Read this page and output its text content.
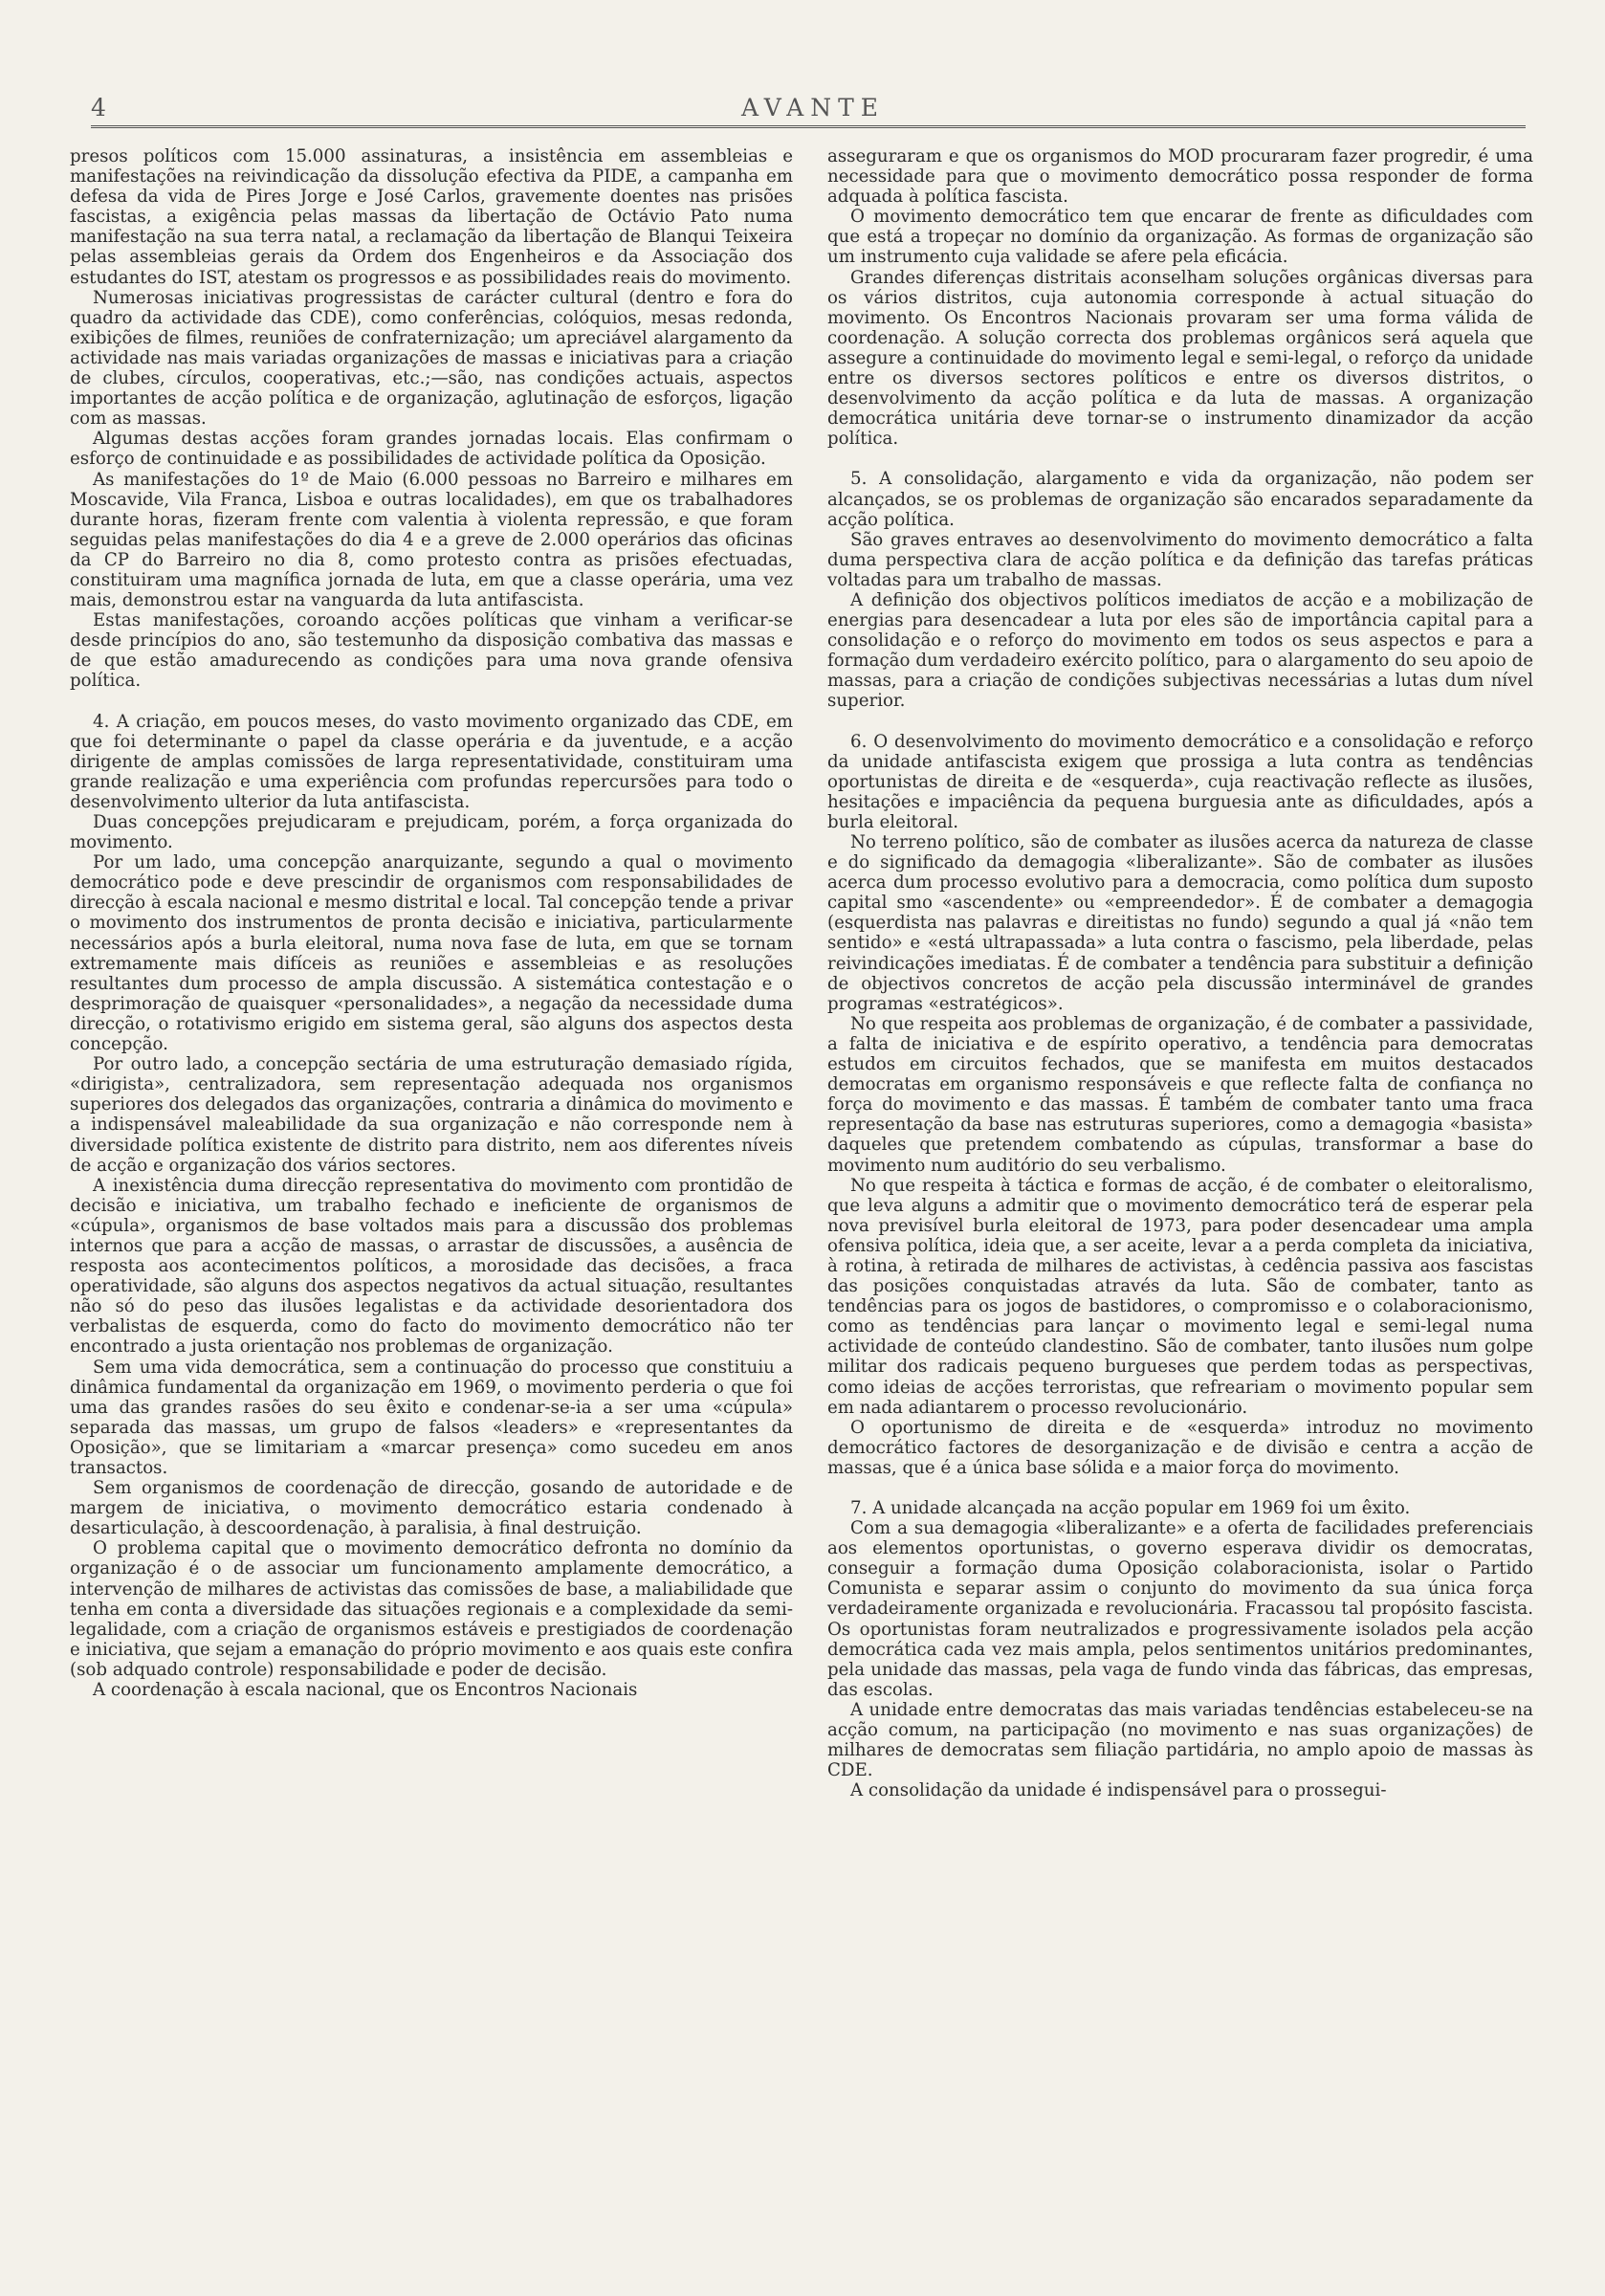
4	AVANTE

presos políticos com 15.000 assinaturas, a insistência em assembleias e manifestações na reivindicação da dissolução efectiva da PIDE, a campanha em defesa da vida de Pires Jorge e José Carlos, gravemente doentes nas prisões fascistas, a exigência pelas massas da libertação de Octávio Pato numa manifestação na sua terra natal, a reclamação da libertação de Blanqui Teixeira pelas assembleias gerais da Ordem dos Engenheiros e da Associação dos estudantes do IST, atestam os progressos e as possibilidades reais do movimento.

Numerosas iniciativas progressistas de carácter cultural (dentro e fora do quadro da actividade das CDE), como conferências, colóquios, mesas redonda, exibições de filmes, reuniões de confraternização; um apreciável alargamento da actividade nas mais variadas organizações de massas e iniciativas para a criação de clubes, círculos, cooperativas, etc.;—são, nas condições actuais, aspectos importantes de acção política e de organização, aglutinação de esforços, ligação com as massas.

Algumas destas acções foram grandes jornadas locais. Elas confirmam o esforço de continuidade e as possibilidades de actividade política da Oposição.

As manifestações do 1º de Maio (6.000 pessoas no Barreiro e milhares em Moscavide, Vila Franca, Lisboa e outras localidades), em que os trabalhadores durante horas, fizeram frente com valentia à violenta repressão, e que foram seguidas pelas manifestações do dia 4 e a greve de 2.000 operários das oficinas da CP do Barreiro no dia 8, como protesto contra as prisões efectuadas, constituiram uma magnífica jornada de luta, em que a classe operária, uma vez mais, demonstrou estar na vanguarda da luta antifascista.

Estas manifestações, coroando acções políticas que vinham a verificar-se desde princípios do ano, são testemunho da disposição combativa das massas e de que estão amadurecendo as condições para uma nova grande ofensiva política.

4. A criação, em poucos meses, do vasto movimento organizado das CDE, em que foi determinante o papel da classe operária e da juventude, e a acção dirigente de amplas comissões de larga representatividade, constituiram uma grande realização e uma experiência com profundas repercursões para todo o desenvolvimento ulterior da luta antifascista.

Duas concepções prejudicaram e prejudicam, porém, a força organizada do movimento.

Por um lado, uma concepção anarquizante, segundo a qual o movimento democrático pode e deve prescindir de organismos com responsabilidades de direcção à escala nacional e mesmo distrital e local. Tal concepção tende a privar o movimento dos instrumentos de pronta decisão e iniciativa, particularmente necessários após a burla eleitoral, numa nova fase de luta, em que se tornam extremamente mais difíceis as reuniões e assembleias e as resoluções resultantes dum processo de ampla discussão. A sistemática contestação e o desprimoração de quaisquer «personalidades», a negação da necessidade duma direcção, o rotativismo erigido em sistema geral, são alguns dos aspectos desta concepção.

Por outro lado, a concepção sectária de uma estruturação demasiado rígida, «dirigista», centralizadora, sem representação adequada nos organismos superiores dos delegados das organizações, contraria a dinâmica do movimento e a indispensável maleabilidade da sua organização e não corresponde nem à diversidade política existente de distrito para distrito, nem aos diferentes níveis de acção e organização dos vários sectores.

A inexistência duma direcção representativa do movimento com prontidão de decisão e iniciativa, um trabalho fechado e ineficiente de organismos de «cúpula», organismos de base voltados mais para a discussão dos problemas internos que para a acção de massas, o arrastar de discussões, a ausência de resposta aos acontecimentos políticos, a morosidade das decisões, a fraca operatividade, são alguns dos aspectos negativos da actual situação, resultantes não só do peso das ilusões legalistas e da actividade desorientadora dos verbalistas de esquerda, como do facto do movimento democrático não ter encontrado a justa orientação nos problemas de organização.

Sem uma vida democrática, sem a continuação do processo que constituiu a dinâmica fundamental da organização em 1969, o movimento perderia o que foi uma das grandes rasões do seu êxito e condenar-se-ia a ser uma «cúpula» separada das massas, um grupo de falsos «leaders» e «representantes da Oposição», que se limitariam a «marcar presença» como sucedeu em anos transactos.

Sem organismos de coordenação de direcção, gosando de autoridade e de margem de iniciativa, o movimento democrático estaria condenado à desarticulação, à descoordenação, à paralisia, à final destruição.

O problema capital que o movimento democrático defronta no domínio da organização é o de associar um funcionamento amplamente democrático, a intervenção de milhares de activistas das comissões de base, a maliabilidade que tenha em conta a diversidade das situações regionais e a complexidade da semi-legalidade, com a criação de organismos estáveis e prestigiados de coordenação e iniciativa, que sejam a emanação do próprio movimento e aos quais este confira (sob adquado controle) responsabilidade e poder de decisão.

A coordenação à escala nacional, que os Encontros Nacionais

asseguraram e que os organismos do MOD procuraram fazer progredir, é uma necessidade para que o movimento democrático possa responder de forma adquada à política fascista.

O movimento democrático tem que encarar de frente as dificuldades com que está a tropeçar no domínio da organização. As formas de organização são um instrumento cuja validade se afere pela eficácia.

Grandes diferenças distritais aconselham soluções orgânicas diversas para os vários distritos, cuja autonomia corresponde à actual situação do movimento. Os Encontros Nacionais provaram ser uma forma válida de coordenação. A solução correcta dos problemas orgânicos será aquela que assegure a continuidade do movimento legal e semi-legal, o reforço da unidade entre os diversos sectores políticos e entre os diversos distritos, o desenvolvimento da acção política e da luta de massas. A organização democrática unitária deve tornar-se o instrumento dinamizador da acção política.

5. A consolidação, alargamento e vida da organização, não podem ser alcançados, se os problemas de organização são encarados separadamente da acção política.

São graves entraves ao desenvolvimento do movimento democrático a falta duma perspectiva clara de acção política e da definição das tarefas práticas voltadas para um trabalho de massas.

A definição dos objectivos políticos imediatos de acção e a mobilização de energias para desencadear a luta por eles são de importância capital para a consolidação e o reforço do movimento em todos os seus aspectos e para a formação dum verdadeiro exército político, para o alargamento do seu apoio de massas, para a criação de condições subjectivas necessárias a lutas dum nível superior.

6. O desenvolvimento do movimento democrático e a consolidação e reforço da unidade antifascista exigem que prossiga a luta contra as tendências oportunistas de direita e de «esquerda», cuja reactivação reflecte as ilusões, hesitações e impaciência da pequena burguesia ante as dificuldades, após a burla eleitoral.

No terreno político, são de combater as ilusões acerca da natureza de classe e do significado da demagogia «liberalizante». São de combater as ilusões acerca dum processo evolutivo para a democracia, como política dum suposto capital smo «ascendente» ou «empreendedor». É de combater a demagogia (esquerdista nas palavras e direitistas no fundo) segundo a qual já «não tem sentido» e «está ultrapassada» a luta contra o fascismo, pela liberdade, pelas reivindicações imediatas. É de combater a tendência para substituir a definição de objectivos concretos de acção pela discussão interminável de grandes programas «estratégicos».

No que respeita aos problemas de organização, é de combater a passividade, a falta de iniciativa e de espírito operativo, a tendência para democratas estudos em circuitos fechados, que se manifesta em muitos destacados democratas em organismo responsáveis e que reflecte falta de confiança no força do movimento e das massas. É também de combater tanto uma fraca representação da base nas estruturas superiores, como a demagogia «basista» daqueles que pretendem combatendo as cúpulas, transformar a base do movimento num auditório do seu verbalismo.

No que respeita à táctica e formas de acção, é de combater o eleitoralismo, que leva alguns a admitir que o movimento democrático terá de esperar pela nova previsível burla eleitoral de 1973, para poder desencadear uma ampla ofensiva política, ideia que, a ser aceite, levar a a perda completa da iniciativa, à rotina, à retirada de milhares de activistas, à cedência passiva aos fascistas das posições conquistadas através da luta. São de combater, tanto as tendências para os jogos de bastidores, o compromisso e o colaboracionismo, como as tendências para lançar o movimento legal e semi-legal numa actividade de conteúdo clandestino. São de combater, tanto ilusões num golpe militar dos radicais pequeno burgueses que perdem todas as perspectivas, como ideias de acções terroristas, que refreariam o movimento popular sem em nada adiantarem o processo revolucionário.

O oportunismo de direita e de «esquerda» introduz no movimento democrático factores de desorganização e de divisão e centra a acção de massas, que é a única base sólida e a maior força do movimento.

7. A unidade alcançada na acção popular em 1969 foi um êxito.

Com a sua demagogia «liberalizante» e a oferta de facilidades preferenciais aos elementos oportunistas, o governo esperava dividir os democratas, conseguir a formação duma Oposição colaboracionista, isolar o Partido Comunista e separar assim o conjunto do movimento da sua única força verdadeiramente organizada e revolucionária. Fracassou tal propósito fascista. Os oportunistas foram neutralizados e progressivamente isolados pela acção democrática cada vez mais ampla, pelos sentimentos unitários predominantes, pela unidade das massas, pela vaga de fundo vinda das fábricas, das empresas, das escolas.

A unidade entre democratas das mais variadas tendências estabeleceu-se na acção comum, na participação (no movimento e nas suas organizações) de milhares de democratas sem filiação partidária, no amplo apoio de massas às CDE.

A consolidação da unidade é indispensável para o prossegui-
